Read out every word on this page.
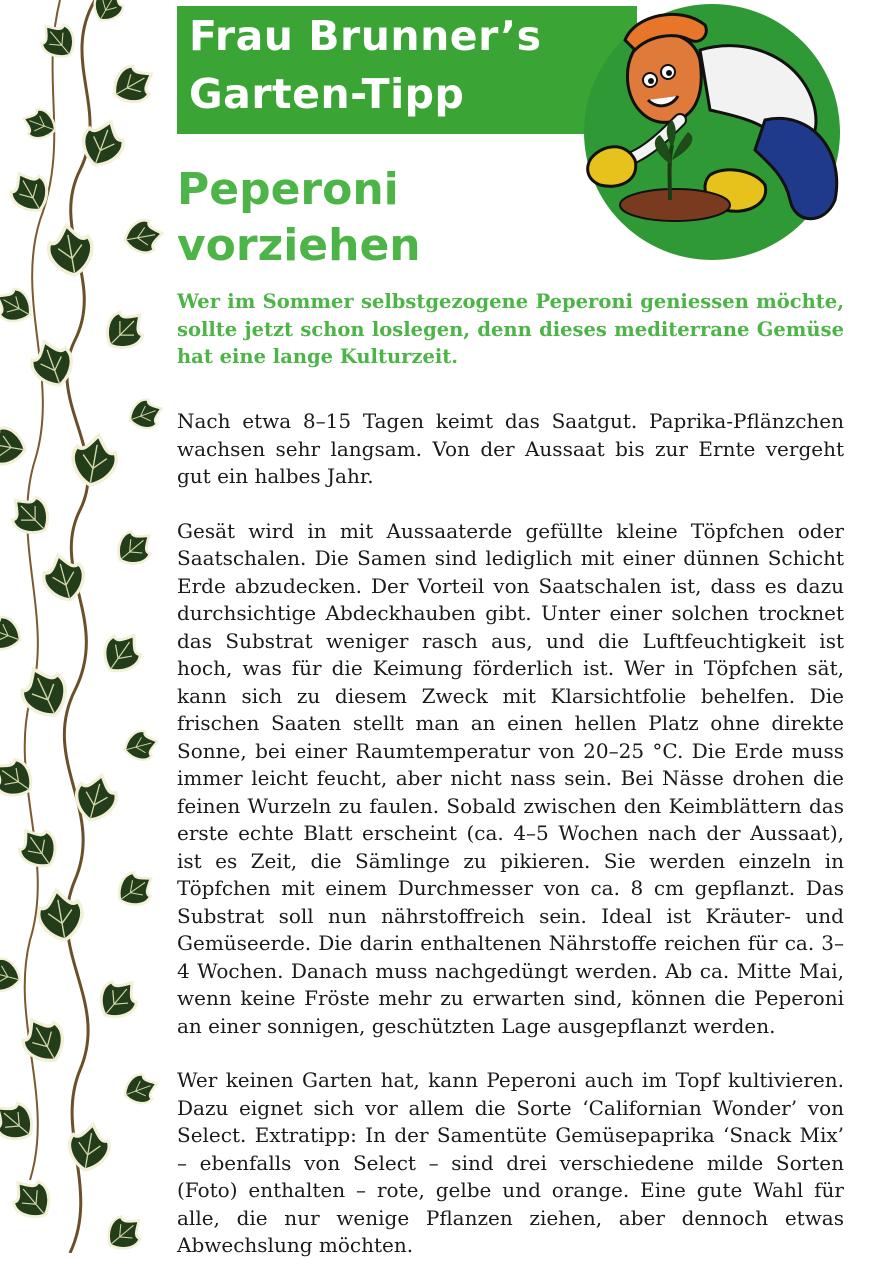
Frau Brunner’s
Garten-Tipp
Peperoni
vorziehen
Wer im Sommer selbstgezogene Peperoni geniessen möchte, sollte jetzt schon loslegen, denn dieses mediterrane Gemüse hat eine lange Kulturzeit.

Nach etwa 8–15 Tagen keimt das Saatgut. Paprika-Pflänzchen wachsen sehr langsam. Von der Aussaat bis zur Ernte vergeht gut ein halbes Jahr.

Gesät wird in mit Aussaaterde gefüllte kleine Töpfchen oder Saatschalen. Die Samen sind lediglich mit einer dünnen Schicht Erde abzudecken. Der Vorteil von Saatschalen ist, dass es dazu durchsichtige Abdeckhauben gibt. Unter einer solchen trocknet das Substrat weniger rasch aus, und die Luftfeuchtigkeit ist hoch, was für die Keimung förderlich ist. Wer in Töpfchen sät, kann sich zu diesem Zweck mit Klarsichtfolie behelfen. Die frischen Saaten stellt man an einen hellen Platz ohne direkte Sonne, bei einer Raumtemperatur von 20–25 °C. Die Erde muss immer leicht feucht, aber nicht nass sein. Bei Nässe drohen die feinen Wurzeln zu faulen. Sobald zwischen den Keimblättern das erste echte Blatt erscheint (ca. 4–5 Wochen nach der Aussaat), ist es Zeit, die Sämlinge zu pikieren. Sie werden einzeln in Töpfchen mit einem Durchmesser von ca. 8 cm gepflanzt. Das Substrat soll nun nährstoffreich sein. Ideal ist Kräuter- und Gemüseerde. Die darin enthaltenen Nährstoffe reichen für ca. 3–4 Wochen. Danach muss nachgedüngt werden. Ab ca. Mitte Mai, wenn keine Fröste mehr zu erwarten sind, können die Peperoni an einer sonnigen, geschützten Lage ausgepflanzt werden.

Wer keinen Garten hat, kann Peperoni auch im Topf kultivieren. Dazu eignet sich vor allem die Sorte ‘Californian Wonder’ von Select. Extratipp: In der Samentüte Gemüsepaprika ‘Snack Mix’ – ebenfalls von Select – sind drei verschiedene milde Sorten (Foto) enthalten – rote, gelbe und orange. Eine gute Wahl für alle, die nur wenige Pflanzen ziehen, aber dennoch etwas Abwechslung möchten.
